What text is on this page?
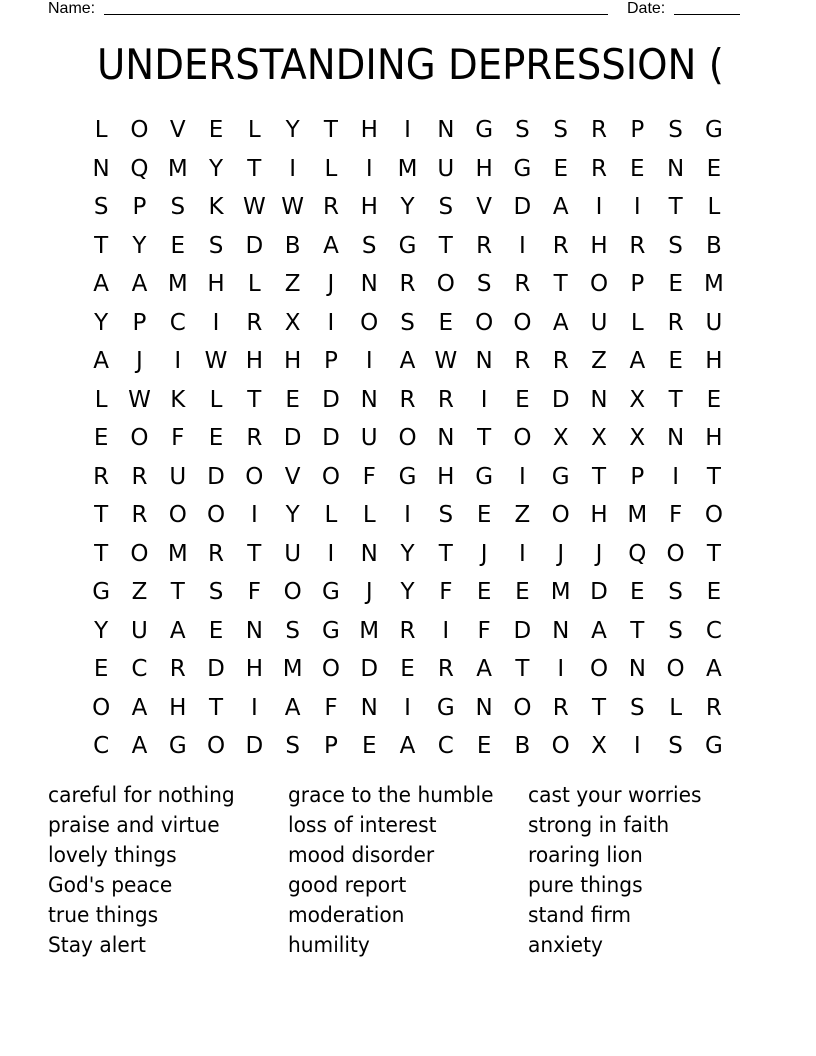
Name:	Date:
UNDERSTANDING DEPRESSION (
L O V	E	L	Y	T H	I	N G S	S	R	P	S G
N Q M Y	T	I	L	I	M U H G E	R	E N E
S	P	S	K W W R H Y	S	V D A	I	I	T	L
T	Y	E	S D B A	S G T	R	I	R H R	S	B
A A M H	L	Z	J	N R O S	R	T O P	E M
Y	P	C	I	R X	I	O S	E O O A U	L	R U
A	J	I	W H H P	I	A W N R R Z A	E H
L W K	L	T	E D N R R	I	E D N X	T	E
E O F	E	R D D U O N T O X X X N H
R R U D O V O F G H G	I	G T	P	I	T
T	R O O	I	Y	L	L	I	S	E	Z O H M F O
T O M R	T U	I	N Y	T	J	I	J	J	Q O T
G Z	T	S	F O G	J	Y	F	E	E M D E	S	E
Y U A	E N S G M R	I	F D N A	T	S C
E C R D H M O D E	R A	T	I	O N O A
O A H T	I	A	F	N	I	G N O R	T	S	L	R
C A G O D S	P	E	A C	E	B O X	I	S G
careful for nothing
praise and virtue
lovely things
God's peace
true things
Stay alert
grace to the humble
loss of interest
mood disorder
good report
moderation
humility
cast your worries
strong in faith
roaring lion
pure things
stand firm
anxiety
